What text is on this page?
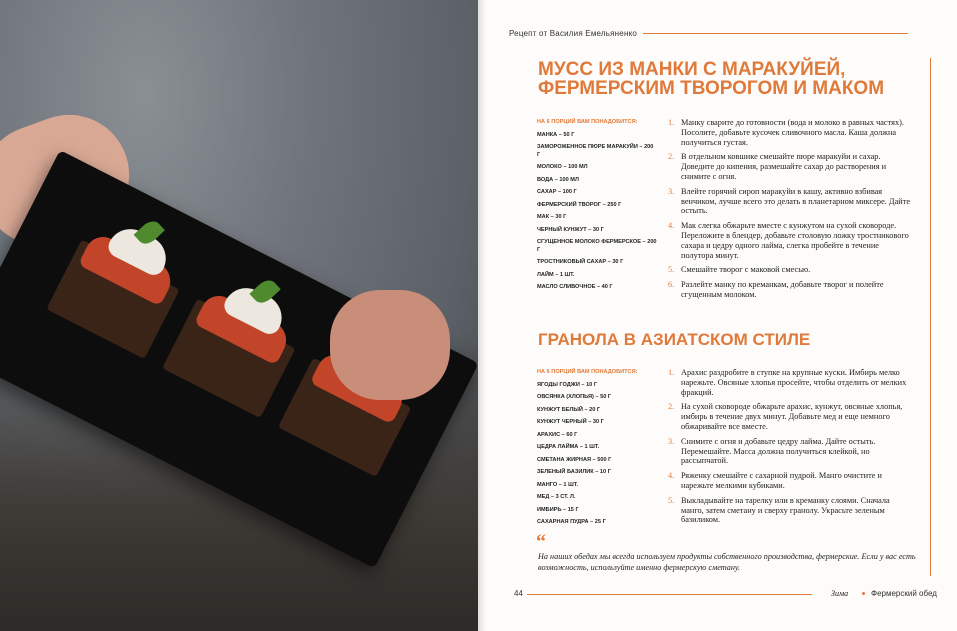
Рецепт от Василия Емельяненко
МУСС ИЗ МАНКИ С МАРАКУЙЕЙ, ФЕРМЕРСКИМ ТВОРОГОМ И МАКОМ
НА 6 ПОРЦИЙ ВАМ ПОНАДОБИТСЯ:
МАНКА – 50 Г
ЗАМОРОЖЕННОЕ ПЮРЕ МАРАКУЙИ – 200 Г
МОЛОКО – 100 МЛ
ВОДА – 100 МЛ
САХАР – 100 Г
ФЕРМЕРСКИЙ ТВОРОГ – 250 Г
МАК – 30 Г
ЧЕРНЫЙ КУНЖУТ – 30 Г
СГУЩЕННОЕ МОЛОКО ФЕРМЕРСКОЕ – 200 Г
ТРОСТНИКОВЫЙ САХАР – 30 Г
ЛАЙМ – 1 ШТ.
МАСЛО СЛИВОЧНОЕ – 40 Г
1. Манку сварите до готовности (вода и молоко в равных частях). Посолите, добавьте кусочек сливочного масла. Каша должна получиться густая.
2. В отдельном ковшике смешайте пюре маракуйи и сахар. Доведите до кипения, размешайте сахар до растворения и снимите с огня.
3. Влейте горячий сироп маракуйи в кашу, активно взбивая венчиком, лучше всего это делать в планетарном миксере. Дайте остыть.
4. Мак слегка обжарьте вместе с кунжутом на сухой сковороде. Переложите в блендер, добавьте столовую ложку тростникового сахара и цедру одного лайма, слегка пробейте в течение полутора минут.
5. Смешайте творог с маковой смесью.
6. Разлейте манку по креманкам, добавьте творог и полейте сгущенным молоком.
ГРАНОЛА В АЗИАТСКОМ СТИЛЕ
НА 6 ПОРЦИЙ ВАМ ПОНАДОБИТСЯ:
ЯГОДЫ ГОДЖИ – 10 Г
ОВСЯНКА (ХЛОПЬЯ) – 50 Г
КУНЖУТ БЕЛЫЙ – 20 Г
КУНЖУТ ЧЕРНЫЙ – 30 Г
АРАХИС – 60 Г
ЦЕДРА ЛАЙМА – 1 ШТ.
СМЕТАНА ЖИРНАЯ – 500 Г
ЗЕЛЕНЫЙ БАЗИЛИК – 10 Г
МАНГО – 1 ШТ.
МЕД – 3 СТ. Л.
ИМБИРЬ – 15 Г
САХАРНАЯ ПУДРА – 25 Г
1. Арахис раздробите в ступке на крупные куски. Имбирь мелко нарежьте. Овсяные хлопья просейте, чтобы отделить от мелких фракций.
2. На сухой сковороде обжарьте арахис, кунжут, овсяные хлопья, имбирь в течение двух минут. Добавьте мед и еще немного обжаривайте все вместе.
3. Снимите с огня и добавьте цедру лайма. Дайте остыть. Перемешайте. Масса должна получиться клейкой, но рассыпчатой.
4. Ряженку смешайте с сахарной пудрой. Манго очистите и нарежьте мелкими кубиками.
5. Выкладывайте на тарелку или в креманку слоями. Сначала манго, затем сметану и сверху гранолу. Украсьте зеленым базиликом.
“
На наших обедах мы всегда используем продукты собственного производства, фермерские. Если у вас есть возможность, используйте именно фермерскую сметану.
44	Зима	Фермерский обед
